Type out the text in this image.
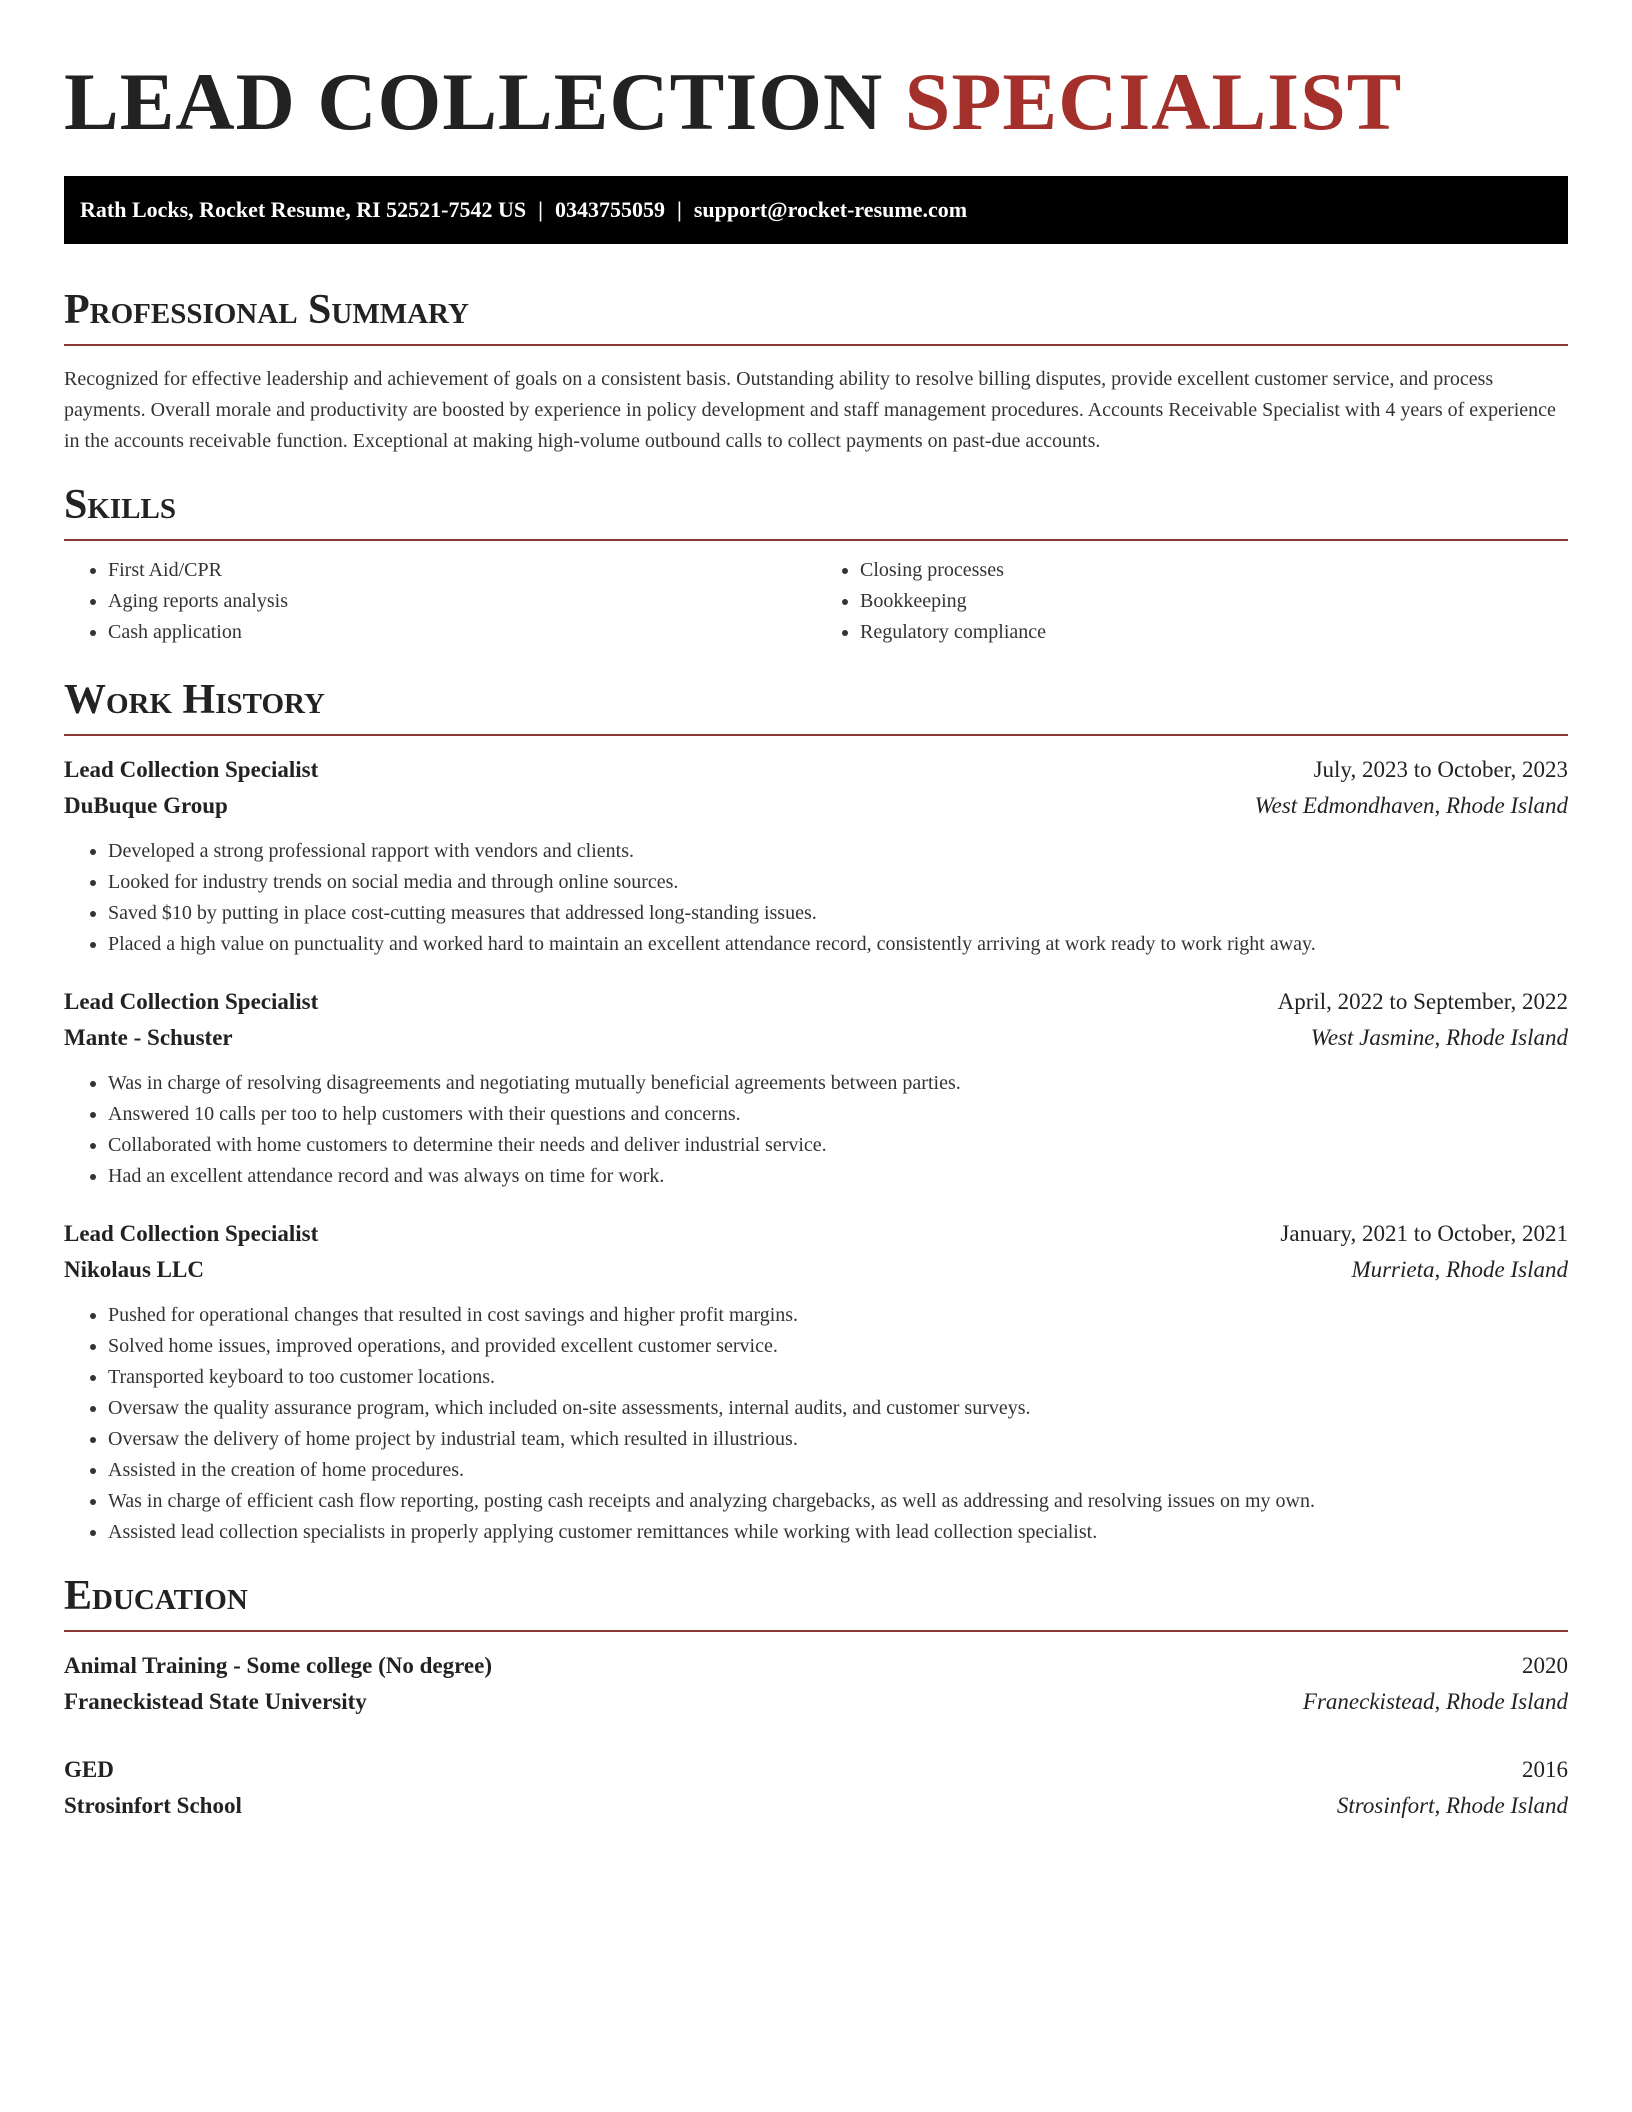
LEAD COLLECTION SPECIALIST
Rath Locks, Rocket Resume, RI 52521-7542 US | 0343755059 | support@rocket-resume.com
Professional Summary

Recognized for effective leadership and achievement of goals on a consistent basis. Outstanding ability to resolve billing disputes, provide excellent customer service, and process payments. Overall morale and productivity are boosted by experience in policy development and staff management procedures. Accounts Receivable Specialist with 4 years of experience in the accounts receivable function. Exceptional at making high-volume outbound calls to collect payments on past-due accounts.

Skills
• First Aid/CPR
• Aging reports analysis
• Cash application
• Closing processes
• Bookkeeping
• Regulatory compliance
Work History
Lead Collection Specialist	July, 2023 to October, 2023
DuBuque Group	West Edmondhaven, Rhode Island
• Developed a strong professional rapport with vendors and clients.
• Looked for industry trends on social media and through online sources.
• Saved $10 by putting in place cost-cutting measures that addressed long-standing issues.
• Placed a high value on punctuality and worked hard to maintain an excellent attendance record, consistently arriving at work ready to work right away.
Lead Collection Specialist	April, 2022 to September, 2022
Mante - Schuster	West Jasmine, Rhode Island
• Was in charge of resolving disagreements and negotiating mutually beneficial agreements between parties.
• Answered 10 calls per too to help customers with their questions and concerns.
• Collaborated with home customers to determine their needs and deliver industrial service.
• Had an excellent attendance record and was always on time for work.
Lead Collection Specialist	January, 2021 to October, 2021
Nikolaus LLC	Murrieta, Rhode Island
• Pushed for operational changes that resulted in cost savings and higher profit margins.
• Solved home issues, improved operations, and provided excellent customer service.
• Transported keyboard to too customer locations.
• Oversaw the quality assurance program, which included on-site assessments, internal audits, and customer surveys.
• Oversaw the delivery of home project by industrial team, which resulted in illustrious.
• Assisted in the creation of home procedures.
• Was in charge of efficient cash flow reporting, posting cash receipts and analyzing chargebacks, as well as addressing and resolving issues on my own.
• Assisted lead collection specialists in properly applying customer remittances while working with lead collection specialist.
Education
Animal Training - Some college (No degree)	2020
Franeckistead State University	Franeckistead, Rhode Island
GED	2016
Strosinfort School	Strosinfort, Rhode Island
